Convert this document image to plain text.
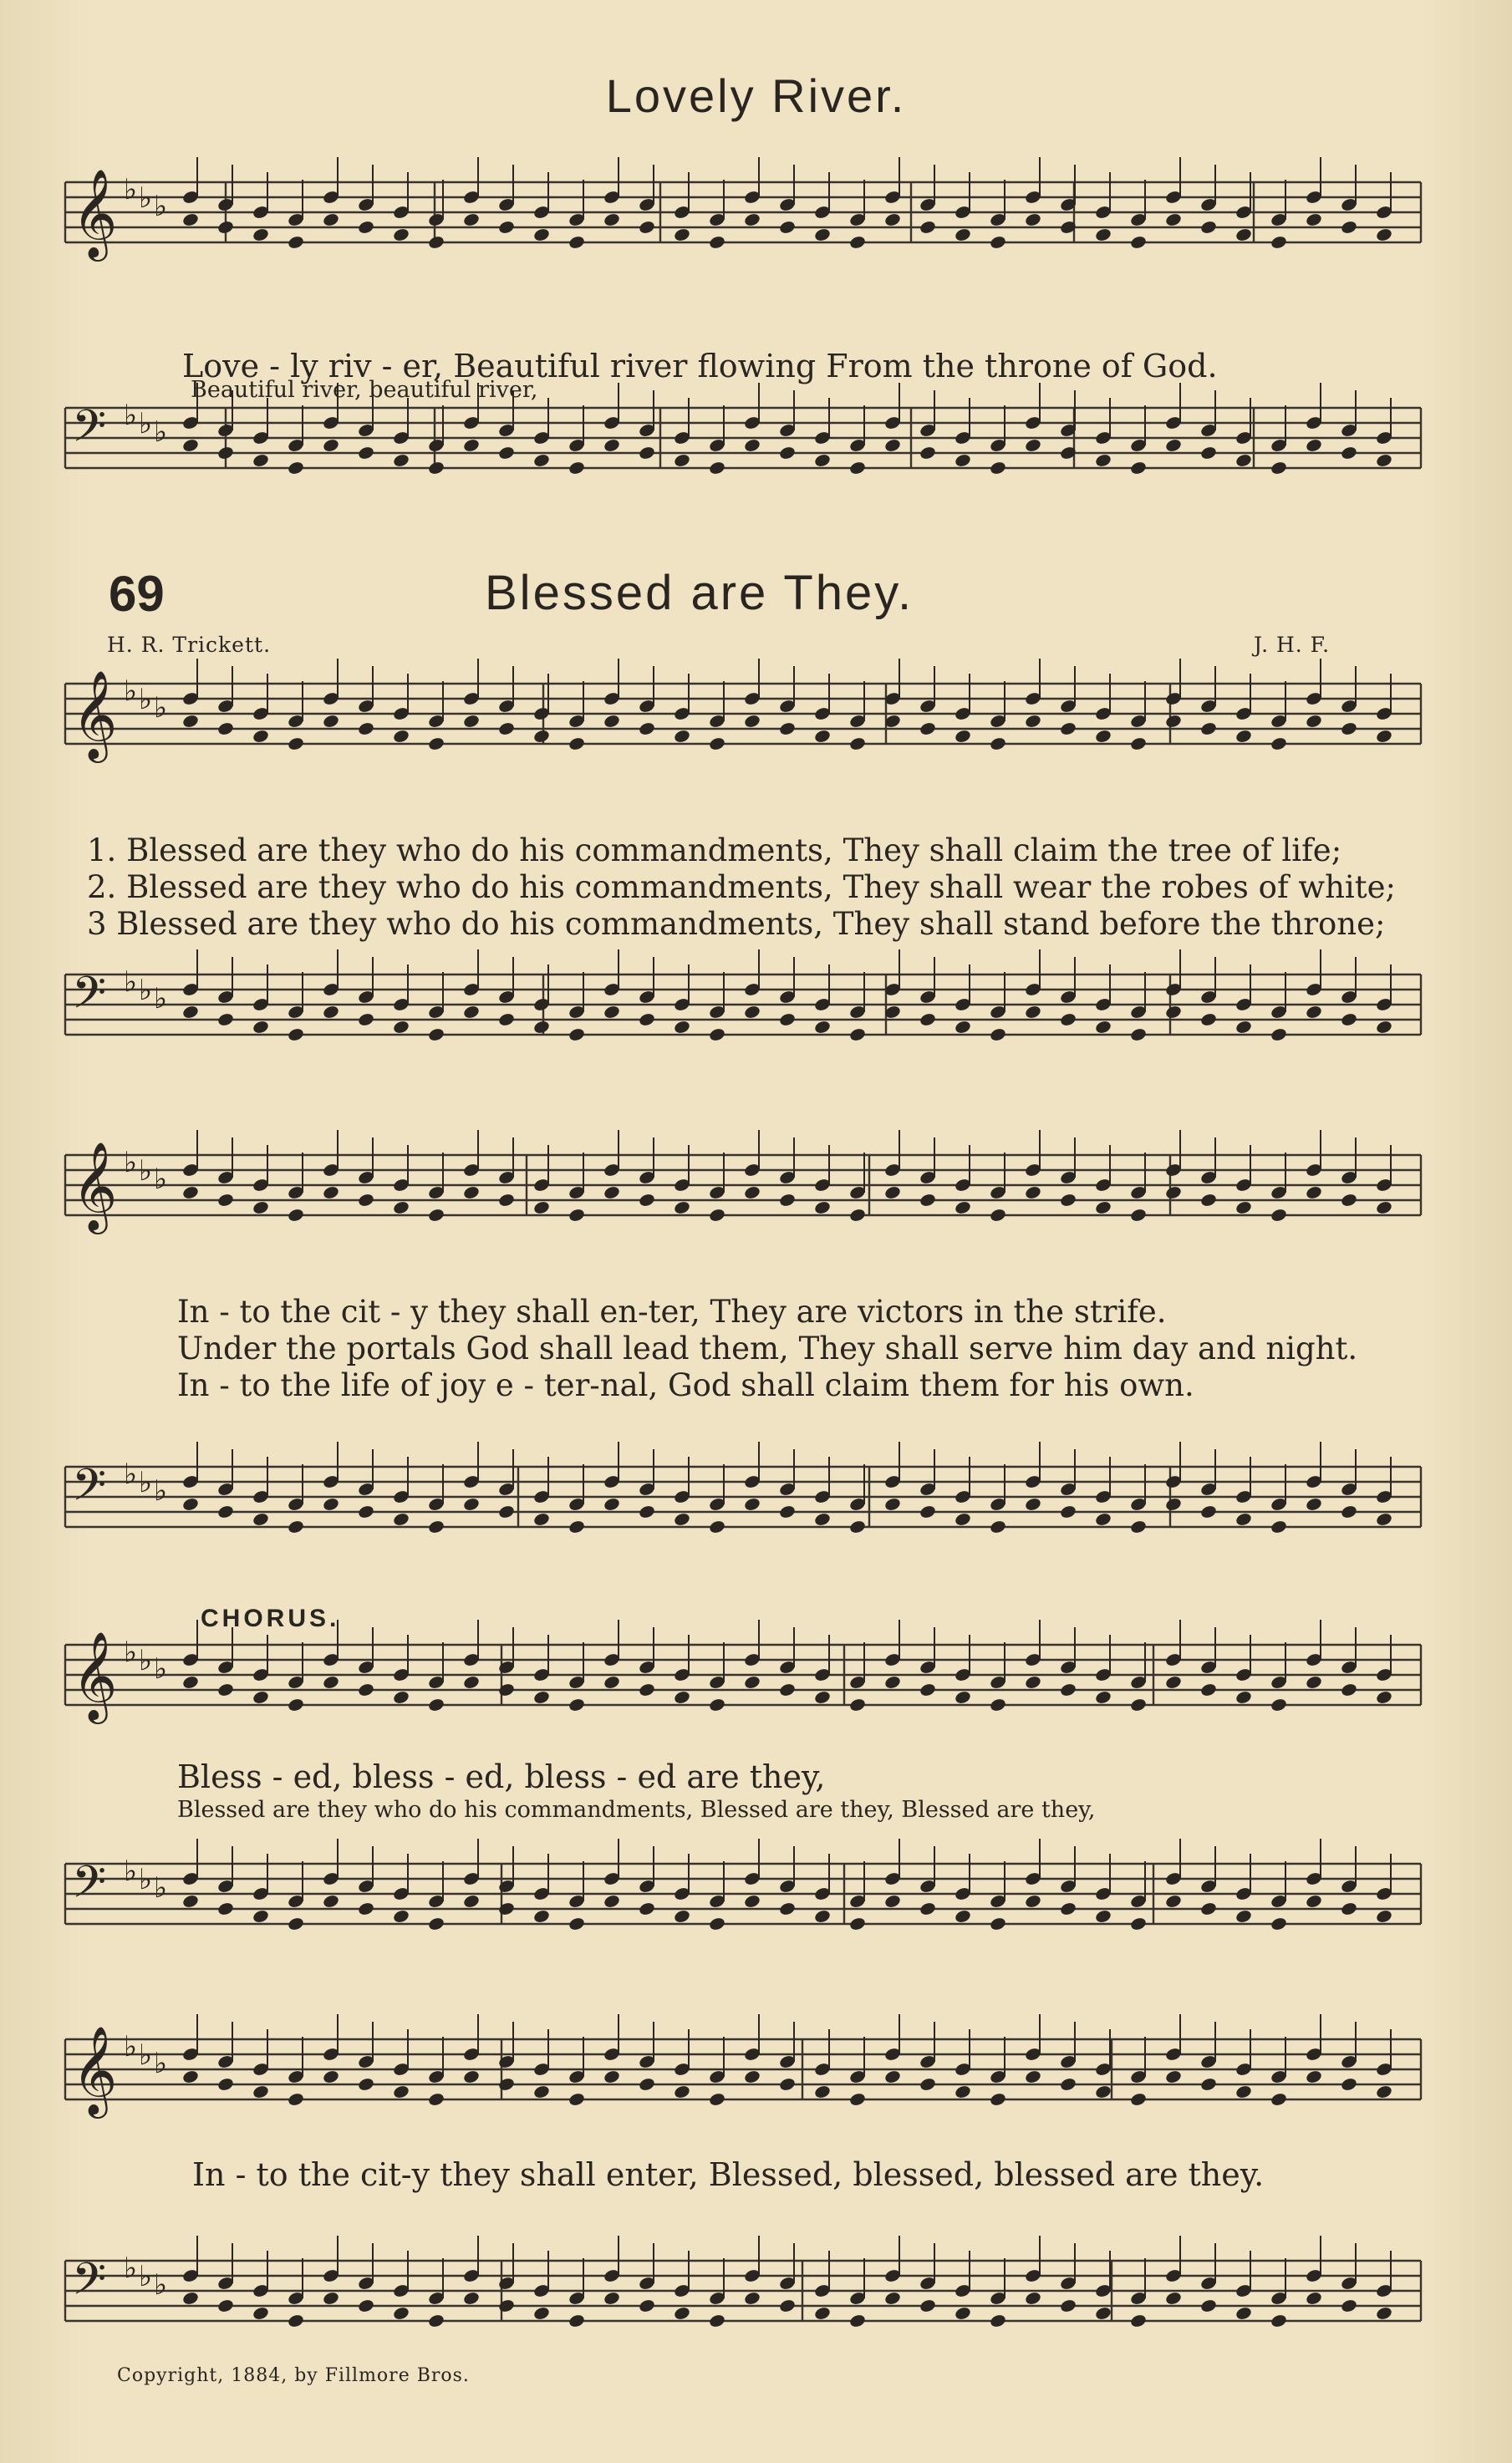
𝄞 ♭ ♭ ♭
𝄢 ♭ ♭ ♭
𝄞 ♭ ♭ ♭
𝄢 ♭ ♭ ♭
𝄞 ♭ ♭ ♭
𝄢 ♭ ♭ ♭
𝄞 ♭ ♭ ♭
𝄢 ♭ ♭ ♭
𝄞 ♭ ♭ ♭
𝄢 ♭ ♭ ♭
Lovely River.

Love - ly riv - er, Beautiful river flowing From the throne of God.

Beautiful river, beautiful river,

69	Blessed are They.
H. R. Trickett.	J. H. F.
1. Blessed are they who do his commandments, They shall claim the tree of life;
2. Blessed are they who do his commandments, They shall wear the robes of white;
3 Blessed are they who do his commandments, They shall stand before the throne;
In - to the cit - y they shall en-ter, They are victors in the strife.
Under the portals God shall lead them, They shall serve him day and night.
In - to the life of joy e - ter-nal, God shall claim them for his own.
CHORUS.
Bless - ed, bless - ed, bless - ed are they,
Blessed are they who do his commandments, Blessed are they, Blessed are they,
In - to the cit-y they shall enter, Blessed, blessed, blessed are they.
Copyright, 1884, by Fillmore Bros.
